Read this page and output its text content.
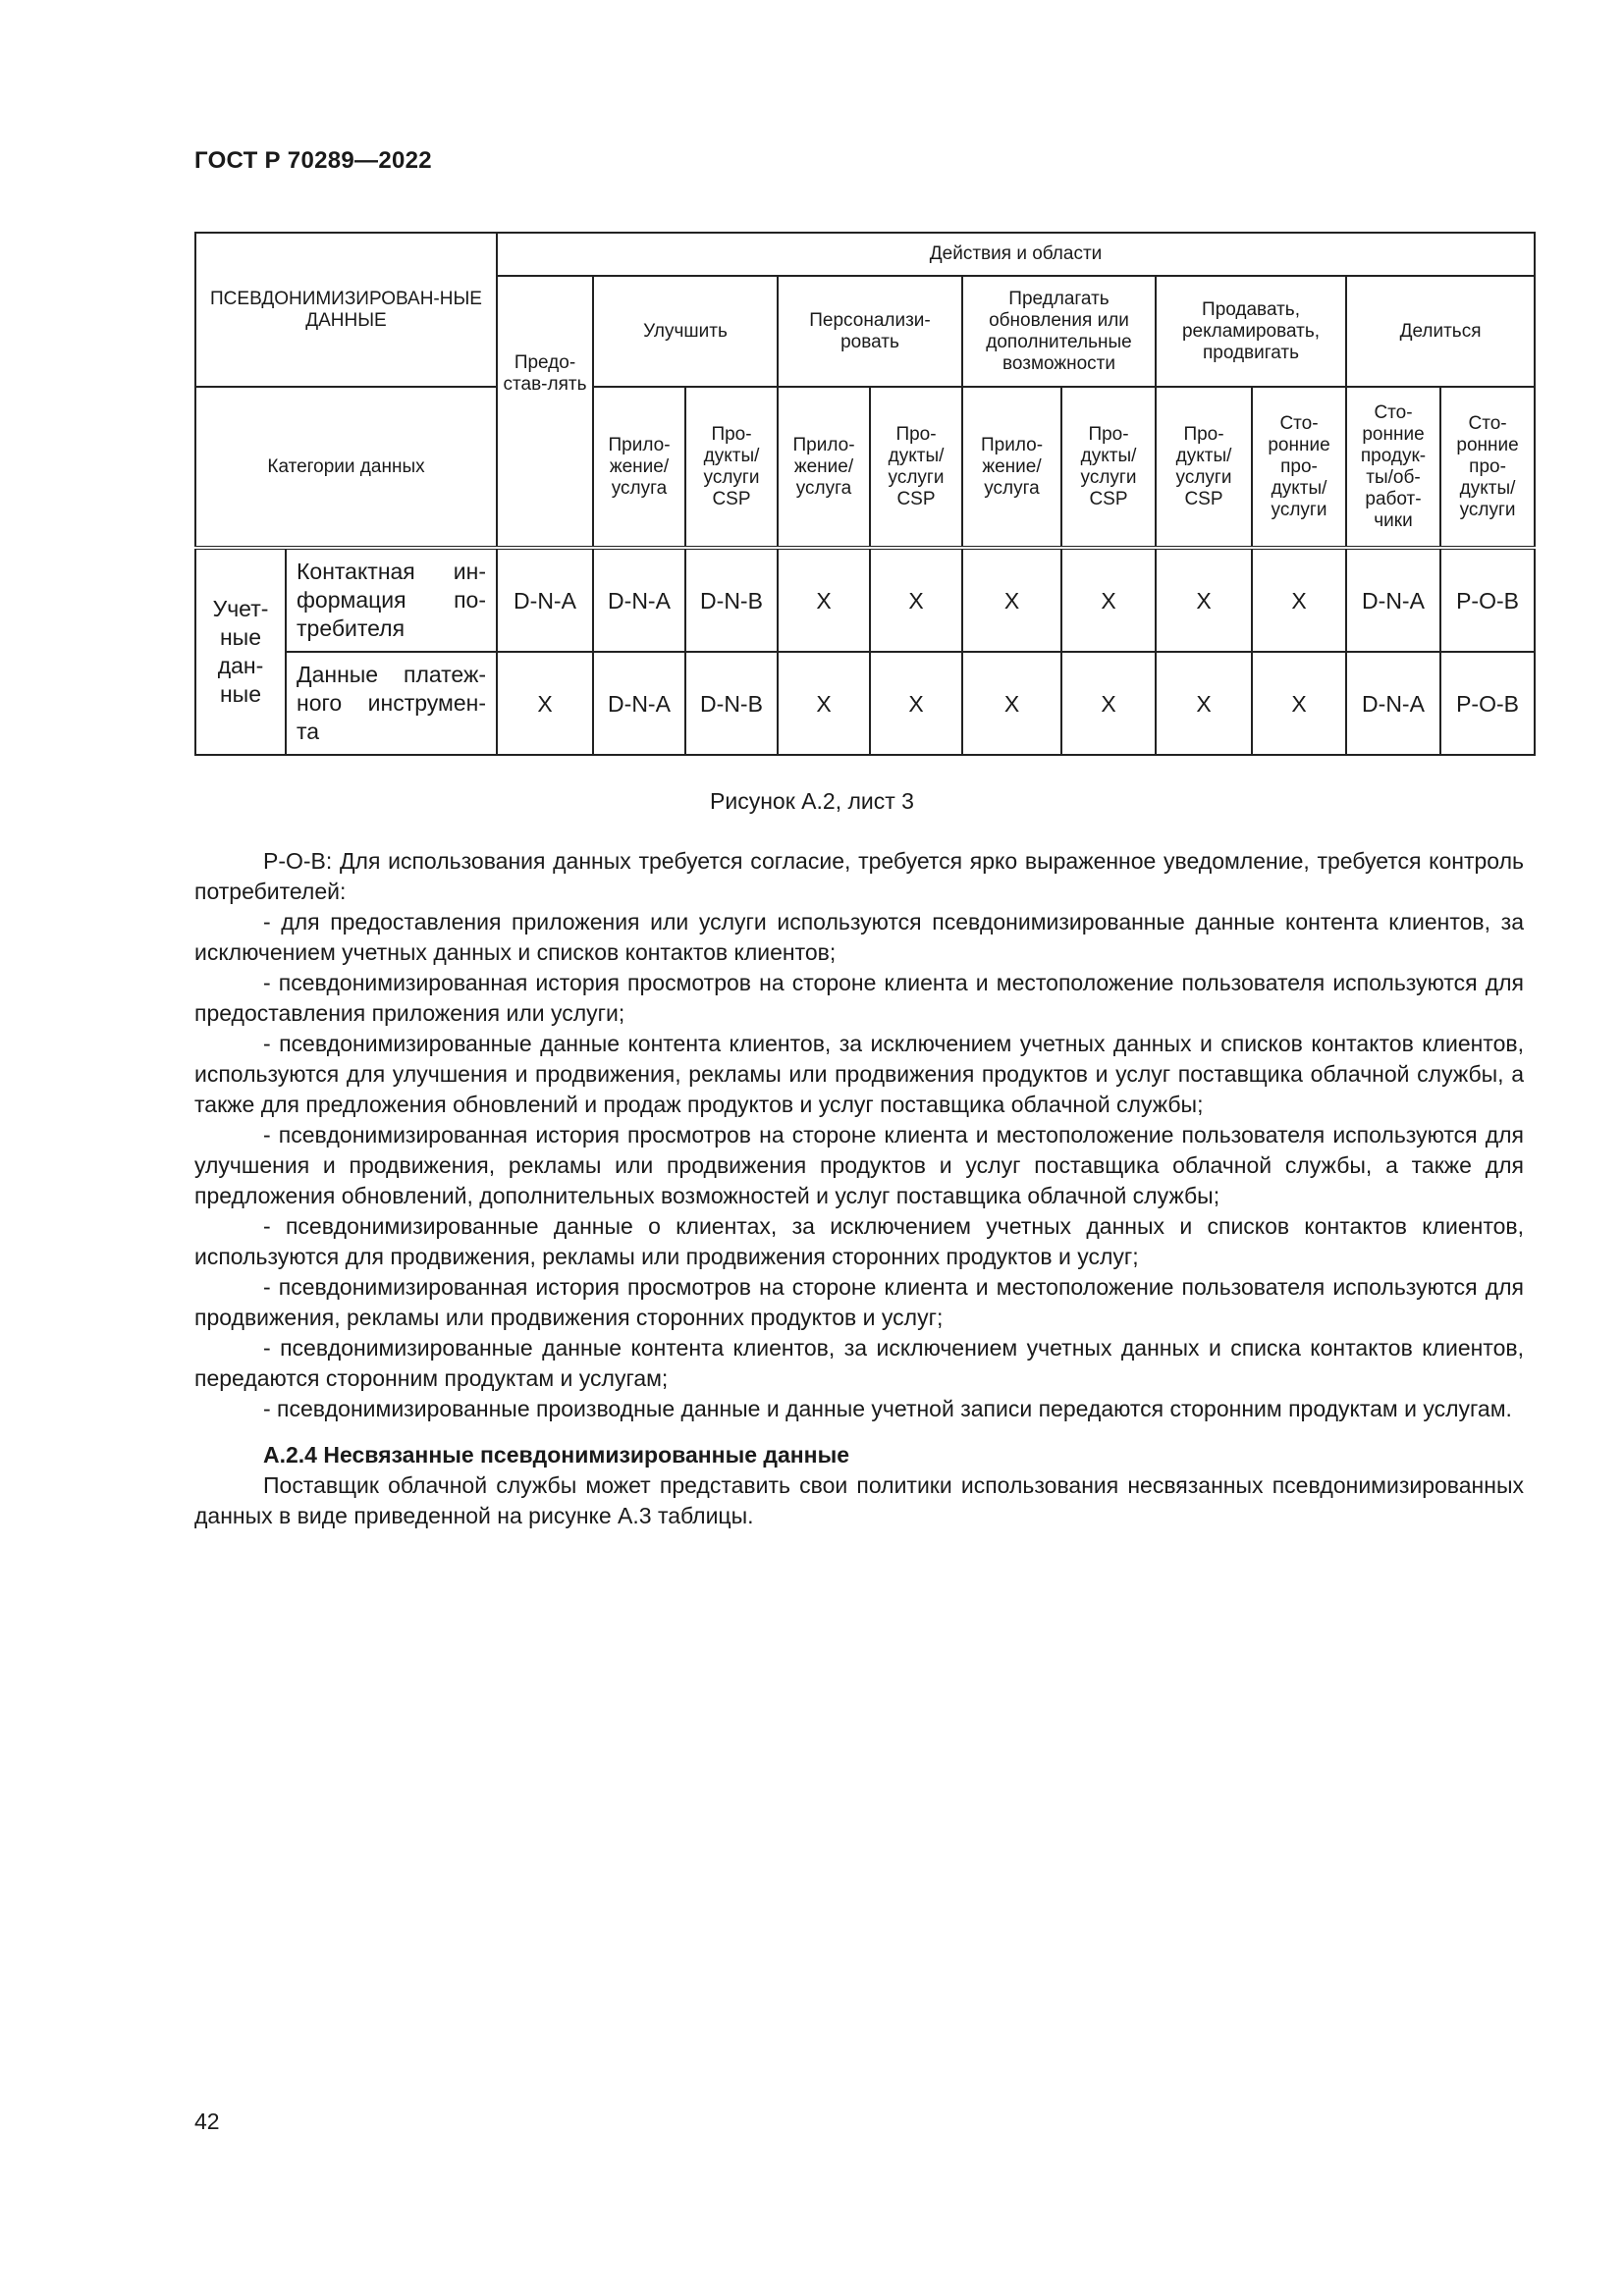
ГОСТ Р 70289—2022
ПСЕВДОНИМИЗИРОВАН-НЫЕ ДАННЫЕ		Действия и области										

		Предо-став-лять	Улучшить		Персонализи-ровать		Предлагать обновления или дополнительные возможности		Продавать, рекламировать, продвигать		Делиться	
Категории данных			Прило-жение/ услуга	Про-дукты/ услуги CSP	Прило-жение/ услуга	Про-дукты/ услуги CSP	Прило-жение/ услуга	Про-дукты/ услуги CSP	Про-дукты/ услуги CSP	Сто-ронние про-дукты/ услуги	Сто-ронние продук-ты/об-работ-чики	Сто-ронние про-дукты/ услуги
Учет-ные дан-ные	Контактная ин-формация по-требителя	D-N-A	D-N-A	D-N-B	X	X	X	X	X	X	D-N-A	P-O-B
	Данные платеж-ного инструмен-та	X	D-N-A	D-N-B	X	X	X	X	X	X	D-N-A	P-O-B
Рисунок А.2, лист 3

P-O-B: Для использования данных требуется согласие, требуется ярко выраженное уведомление, требуется контроль потребителей:

- для предоставления приложения или услуги используются псевдонимизированные данные контента клиентов, за исключением учетных данных и списков контактов клиентов;

- псевдонимизированная история просмотров на стороне клиента и местоположение пользователя используются для предоставления приложения или услуги;

- псевдонимизированные данные контента клиентов, за исключением учетных данных и списков контактов клиентов, используются для улучшения и продвижения, рекламы или продвижения продуктов и услуг поставщика облачной службы, а также для предложения обновлений и продаж продуктов и услуг поставщика облачной службы;

- псевдонимизированная история просмотров на стороне клиента и местоположение пользователя используются для улучшения и продвижения, рекламы или продвижения продуктов и услуг поставщика облачной службы, а также для предложения обновлений, дополнительных возможностей и услуг поставщика облачной службы;

- псевдонимизированные данные о клиентах, за исключением учетных данных и списков контактов клиентов, используются для продвижения, рекламы или продвижения сторонних продуктов и услуг;

- псевдонимизированная история просмотров на стороне клиента и местоположение пользователя используются для продвижения, рекламы или продвижения сторонних продуктов и услуг;

- псевдонимизированные данные контента клиентов, за исключением учетных данных и списка контактов клиентов, передаются сторонним продуктам и услугам;

- псевдонимизированные производные данные и данные учетной записи передаются сторонним продуктам и услугам.

А.2.4 Несвязанные псевдонимизированные данные

Поставщик облачной службы может представить свои политики использования несвязанных псевдонимизированных данных в виде приведенной на рисунке А.3 таблицы.

42
